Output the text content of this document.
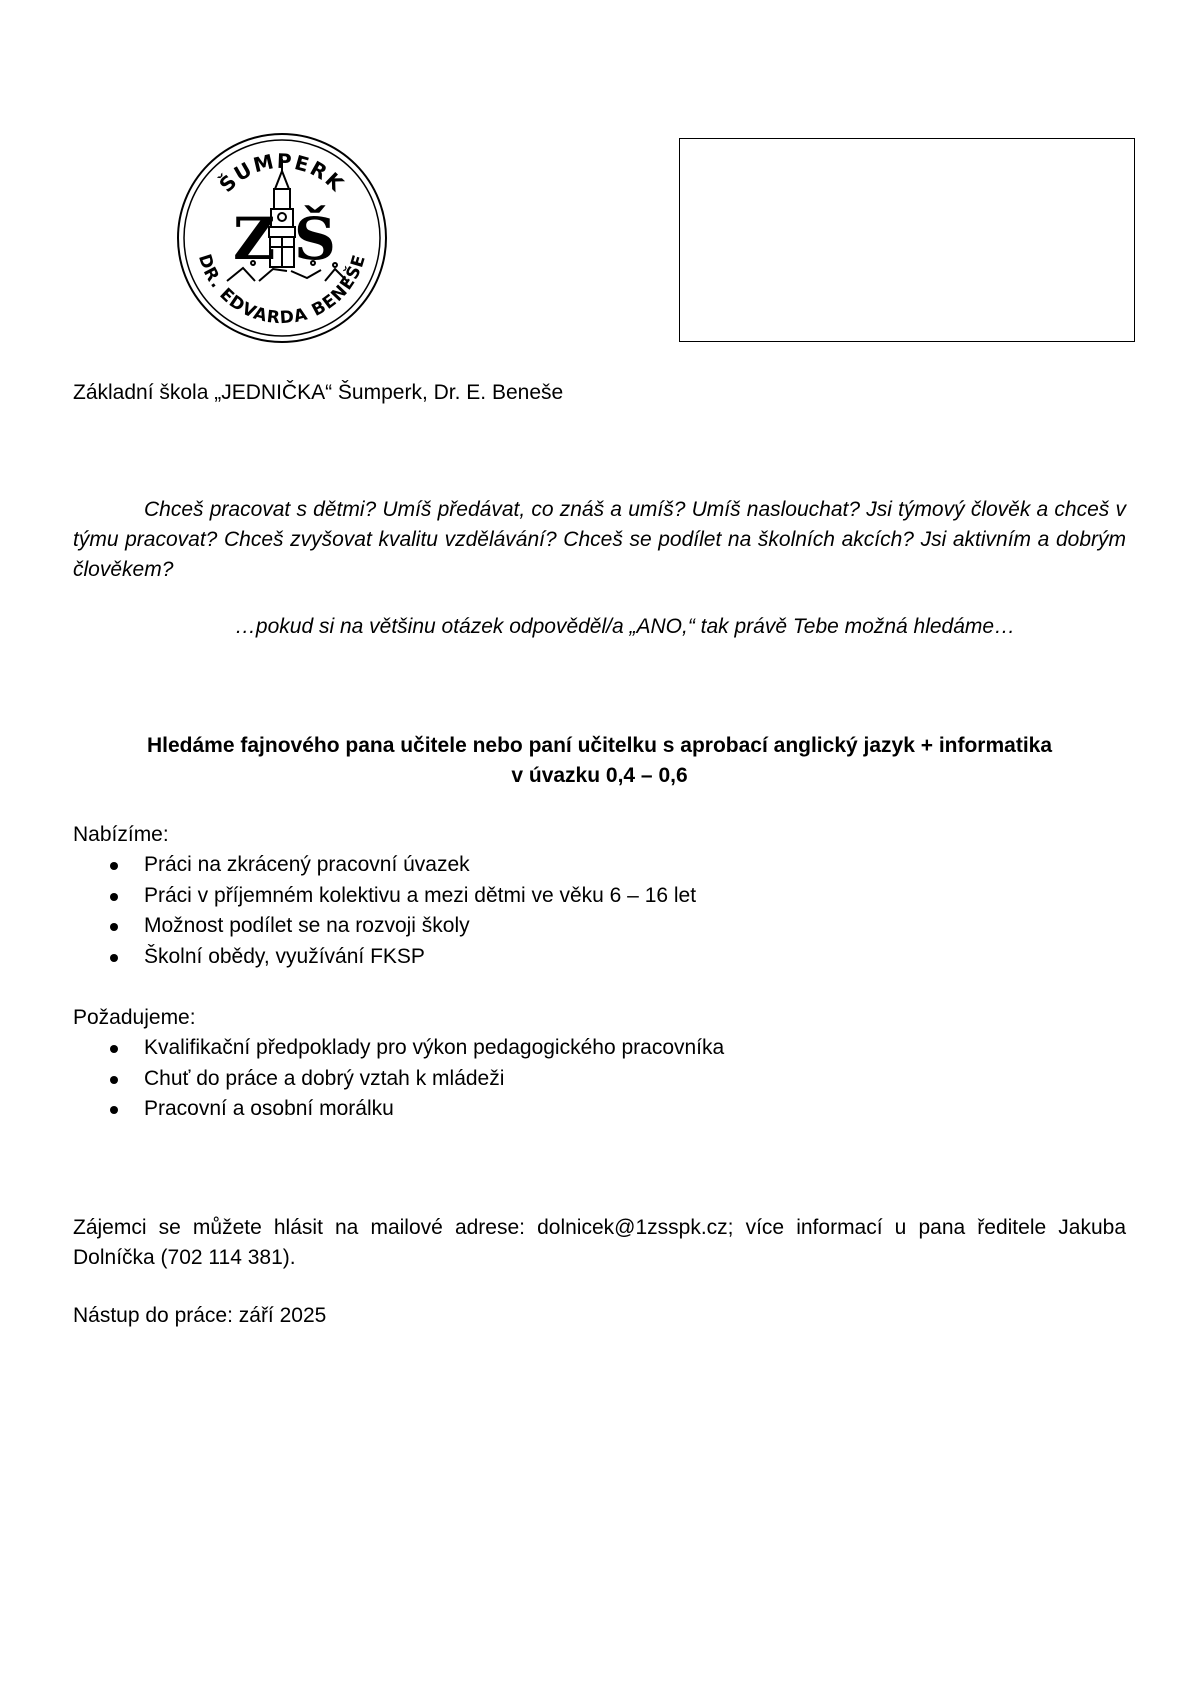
ŠUMPERK
DR. EDVARDA BENEŠE
Z Š
Základní škola „JEDNIČKA“ Šumperk, Dr. E. Beneše

Chceš pracovat s dětmi? Umíš předávat, co znáš a umíš? Umíš naslouchat? Jsi týmový člověk a chceš v týmu pracovat? Chceš zvyšovat kvalitu vzdělávání? Chceš se podílet na školních akcích? Jsi aktivním a dobrým člověkem?

…pokud si na většinu otázek odpověděl/a „ANO,“ tak právě Tebe možná hledáme…
Hledáme fajnového pana učitele nebo paní učitelku s aprobací anglický jazyk + informatika
v úvazku 0,4 – 0,6
Nabízíme:
Práci na zkrácený pracovní úvazek
Práci v příjemném kolektivu a mezi dětmi ve věku 6 – 16 let
Možnost podílet se na rozvoji školy
Školní obědy, využívání FKSP
Požadujeme:
Kvalifikační předpoklady pro výkon pedagogického pracovníka
Chuť do práce a dobrý vztah k mládeži
Pracovní a osobní morálku

Zájemci se můžete hlásit na mailové adrese: dolnicek@1zsspk.cz; více informací u pana ředitele Jakuba Dolníčka (702 114 381).

Nástup do práce: září 2025
